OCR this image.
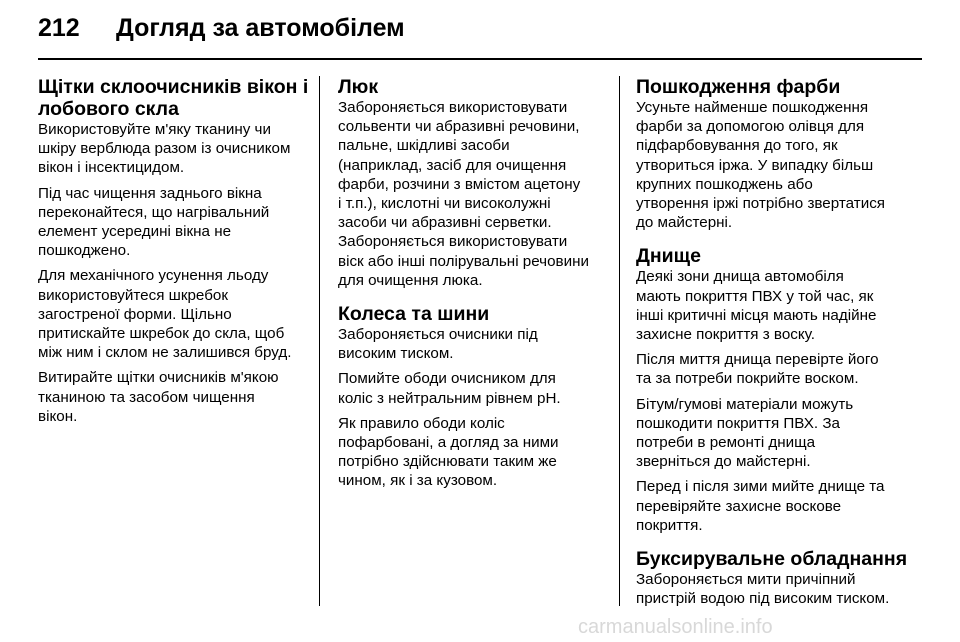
212 Догляд за автомобілем
Щітки склоочисників вікон і
лобового скла

Використовуйте м'яку тканину чи
шкіру верблюда разом із очисником
вікон і інсектицидом.

Під час чищення заднього вікна
переконайтеся, що нагрівальний
елемент усередині вікна не
пошкоджено.

Для механічного усунення льоду
використовуйтеся шкребок
загостреної форми. Щільно
притискайте шкребок до скла, щоб
між ним і склом не залишився бруд.

Витирайте щітки очисників м'якою
тканиною та засобом чищення
вікон.

Люк

Забороняється використовувати
сольвенти чи абразивні речовини,
пальне, шкідливі засоби
(наприклад, засіб для очищення
фарби, розчини з вмістом ацетону
і т.п.), кислотні чи високолужні
засоби чи абразивні серветки.
Забороняється використовувати
віск або інші полірувальні речовини
для очищення люка.

Колеса та шини

Забороняється очисники під
високим тиском.

Помийте ободи очисником для
коліс з нейтральним рівнем pH.

Як правило ободи коліс
пофарбовані, а догляд за ними
потрібно здійснювати таким же
чином, як і за кузовом.

Пошкодження фарби

Усуньте найменше пошкодження
фарби за допомогою олівця для
підфарбовування до того, як
утвориться іржа. У випадку більш
крупних пошкоджень або
утворення іржі потрібно звертатися
до майстерні.

Днище

Деякі зони днища автомобіля
мають покриття ПВХ у той час, як
інші критичні місця мають надійне
захисне покриття з воску.

Після миття днища перевірте його
та за потреби покрийте воском.

Бітум/гумові матеріали можуть
пошкодити покриття ПВХ. За
потреби в ремонті днища
зверніться до майстерні.

Перед і після зими мийте днище та
перевіряйте захисне воскове
покриття.

Буксирувальне обладнання

Забороняється мити причіпний
пристрій водою під високим тиском.

carmanualsonline.info
